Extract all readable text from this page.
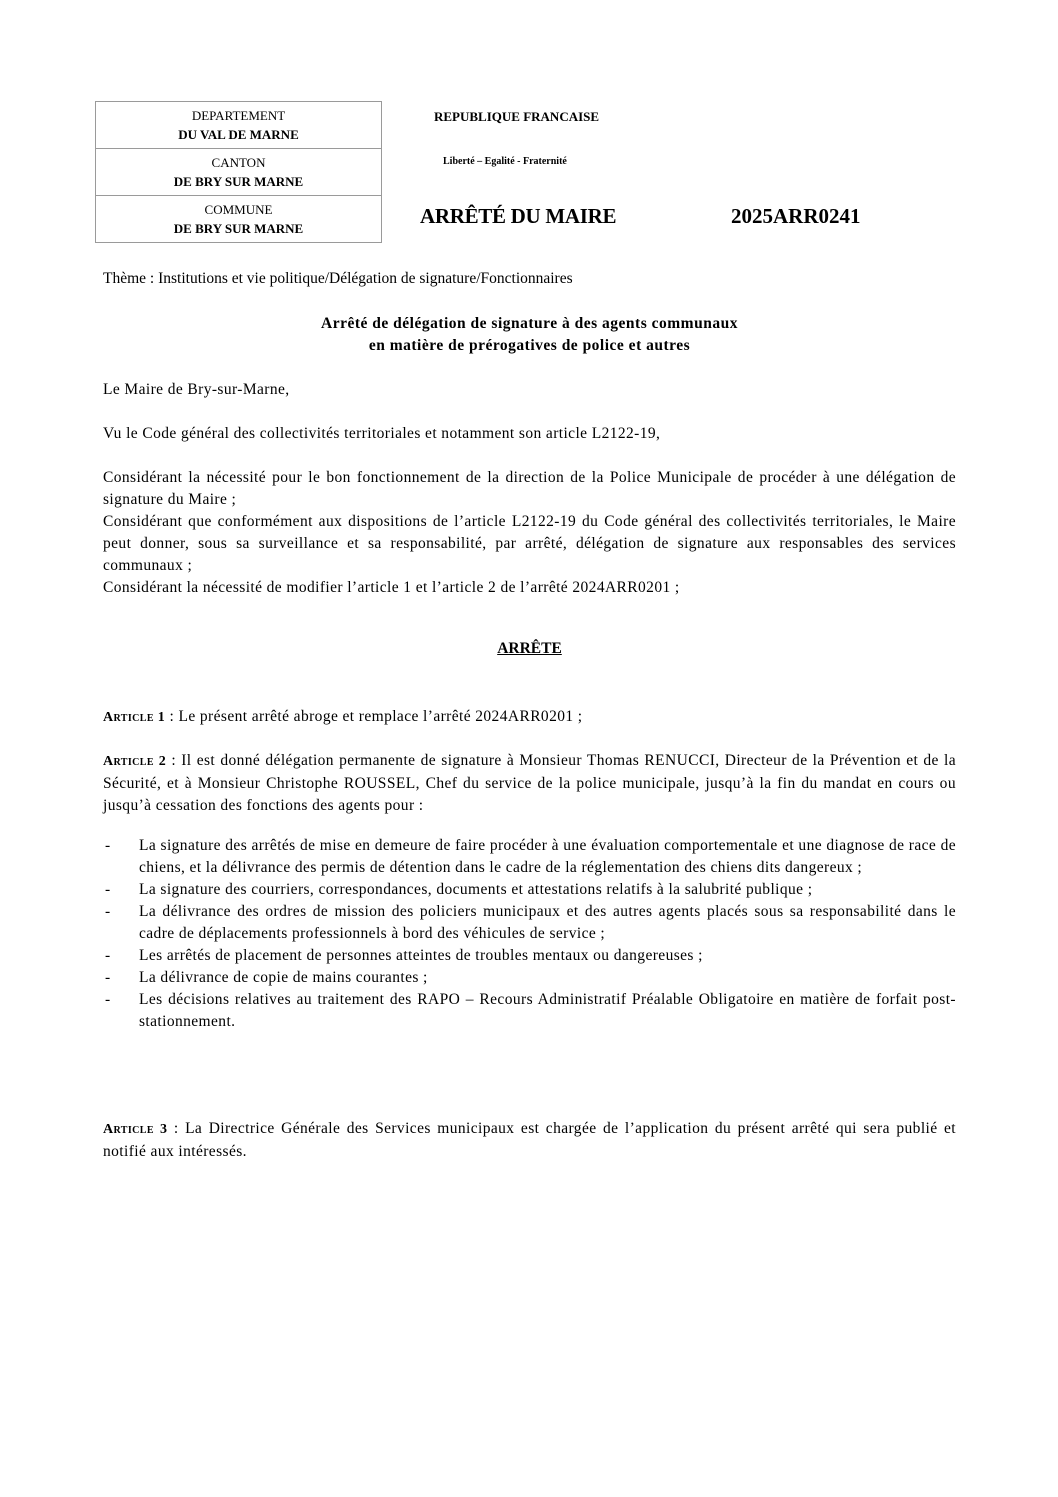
DEPARTEMENT
DU VAL DE MARNE

CANTON
DE BRY SUR MARNE

COMMUNE
DE BRY SUR MARNE
REPUBLIQUE FRANCAISE
Liberté – Egalité - Fraternité
ARRÊTÉ DU MAIRE	2025ARR0241
Thème : Institutions et vie politique/Délégation de signature/Fonctionnaires
Arrêté de délégation de signature à des agents communaux
en matière de prérogatives de police et autres
Le Maire de Bry-sur-Marne,
Vu le Code général des collectivités territoriales et notamment son article L2122-19,
Considérant la nécessité pour le bon fonctionnement de la direction de la Police Municipale de procéder à une délégation de signature du Maire ;
Considérant que conformément aux dispositions de l’article L2122-19 du Code général des collectivités territoriales, le Maire peut donner, sous sa surveillance et sa responsabilité, par arrêté, délégation de signature aux responsables des services communaux ;
Considérant la nécessité de modifier l’article 1 et l’article 2 de l’arrêté 2024ARR0201 ;
ARRÊTE
Article 1 : Le présent arrêté abroge et remplace l’arrêté 2024ARR0201 ;
Article 2 : Il est donné délégation permanente de signature à Monsieur Thomas RENUCCI, Directeur de la Prévention et de la Sécurité, et à Monsieur Christophe ROUSSEL, Chef du service de la police municipale, jusqu’à la fin du mandat en cours ou jusqu’à cessation des fonctions des agents pour :
- La signature des arrêtés de mise en demeure de faire procéder à une évaluation comportementale et une diagnose de race de chiens, et la délivrance des permis de détention dans le cadre de la réglementation des chiens dits dangereux ;
- La signature des courriers, correspondances, documents et attestations relatifs à la salubrité publique ;
- La délivrance des ordres de mission des policiers municipaux et des autres agents placés sous sa responsabilité dans le cadre de déplacements professionnels à bord des véhicules de service ;
- Les arrêtés de placement de personnes atteintes de troubles mentaux ou dangereuses ;
- La délivrance de copie de mains courantes ;
- Les décisions relatives au traitement des RAPO – Recours Administratif Préalable Obligatoire en matière de forfait post-stationnement.
Article 3 : La Directrice Générale des Services municipaux est chargée de l’application du présent arrêté qui sera publié et notifié aux intéressés.
